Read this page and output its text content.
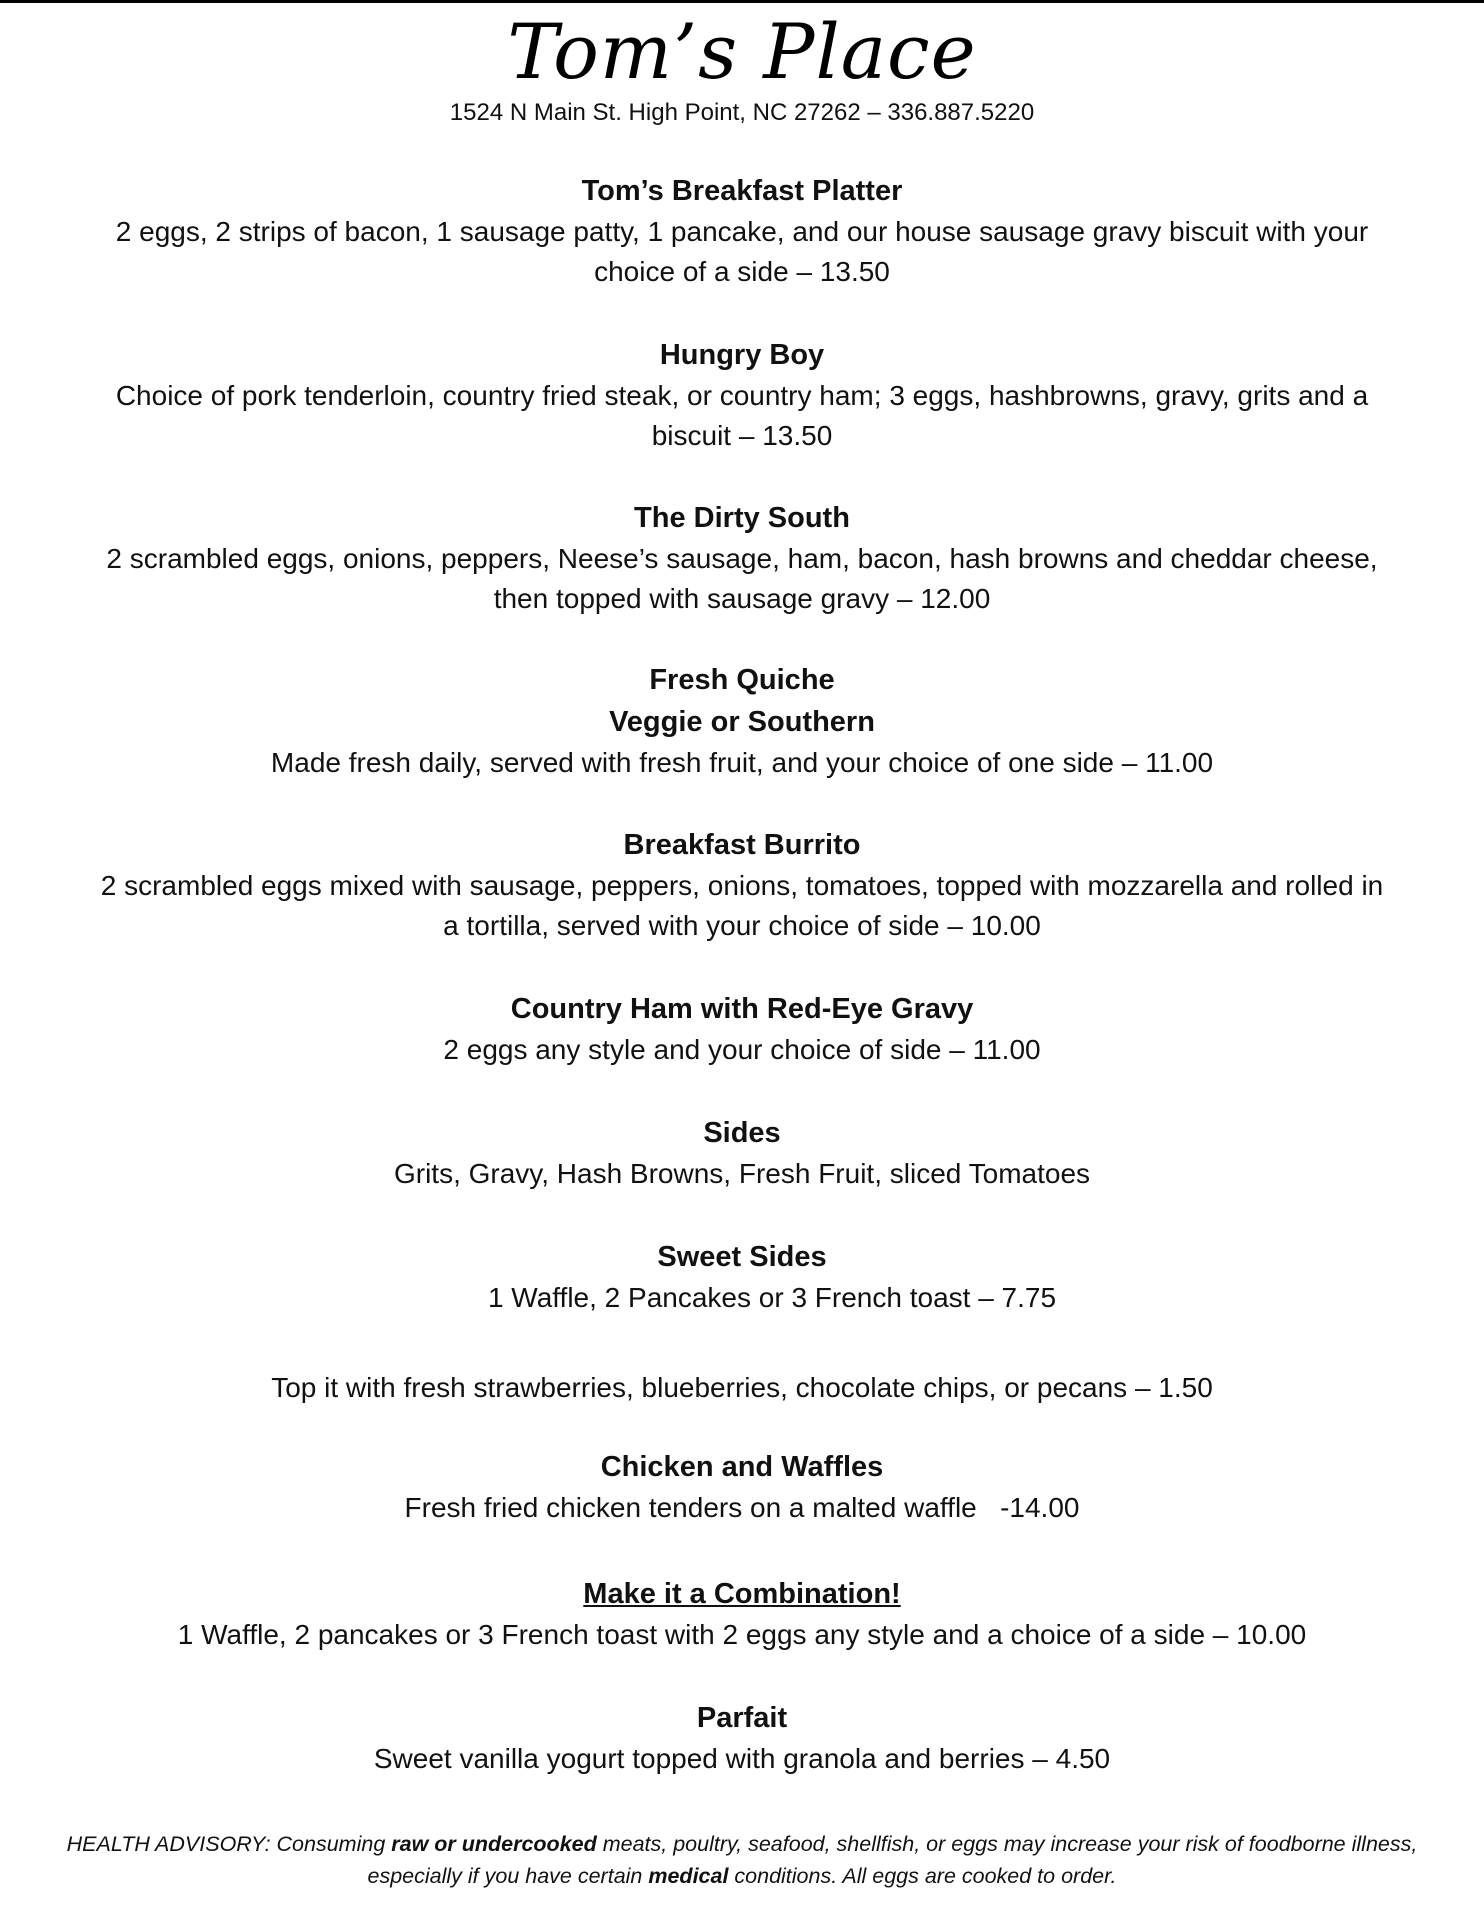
Tom’s Place
1524 N Main St. High Point, NC 27262 – 336.887.5220
Tom’s Breakfast Platter
2 eggs, 2 strips of bacon, 1 sausage patty, 1 pancake, and our house sausage gravy biscuit with your choice of a side – 13.50
Hungry Boy
Choice of pork tenderloin, country fried steak, or country ham; 3 eggs, hashbrowns, gravy, grits and a biscuit – 13.50
The Dirty South
2 scrambled eggs, onions, peppers, Neese’s sausage, ham, bacon, hash browns and cheddar cheese, then topped with sausage gravy – 12.00
Fresh Quiche
Veggie or Southern
Made fresh daily, served with fresh fruit, and your choice of one side – 11.00
Breakfast Burrito
2 scrambled eggs mixed with sausage, peppers, onions, tomatoes, topped with mozzarella and rolled in a tortilla, served with your choice of side – 10.00
Country Ham with Red-Eye Gravy
2 eggs any style and your choice of side – 11.00
Sides
Grits, Gravy, Hash Browns, Fresh Fruit, sliced Tomatoes
Sweet Sides
1 Waffle, 2 Pancakes or 3 French toast – 7.75
Top it with fresh strawberries, blueberries, chocolate chips, or pecans – 1.50
Chicken and Waffles
Fresh fried chicken tenders on a malted waffle   -14.00
Make it a Combination!
1 Waffle, 2 pancakes or 3 French toast with 2 eggs any style and a choice of a side – 10.00
Parfait
Sweet vanilla yogurt topped with granola and berries – 4.50
HEALTH ADVISORY: Consuming raw or undercooked meats, poultry, seafood, shellfish, or eggs may increase your risk of foodborne illness, especially if you have certain medical conditions. All eggs are cooked to order.
